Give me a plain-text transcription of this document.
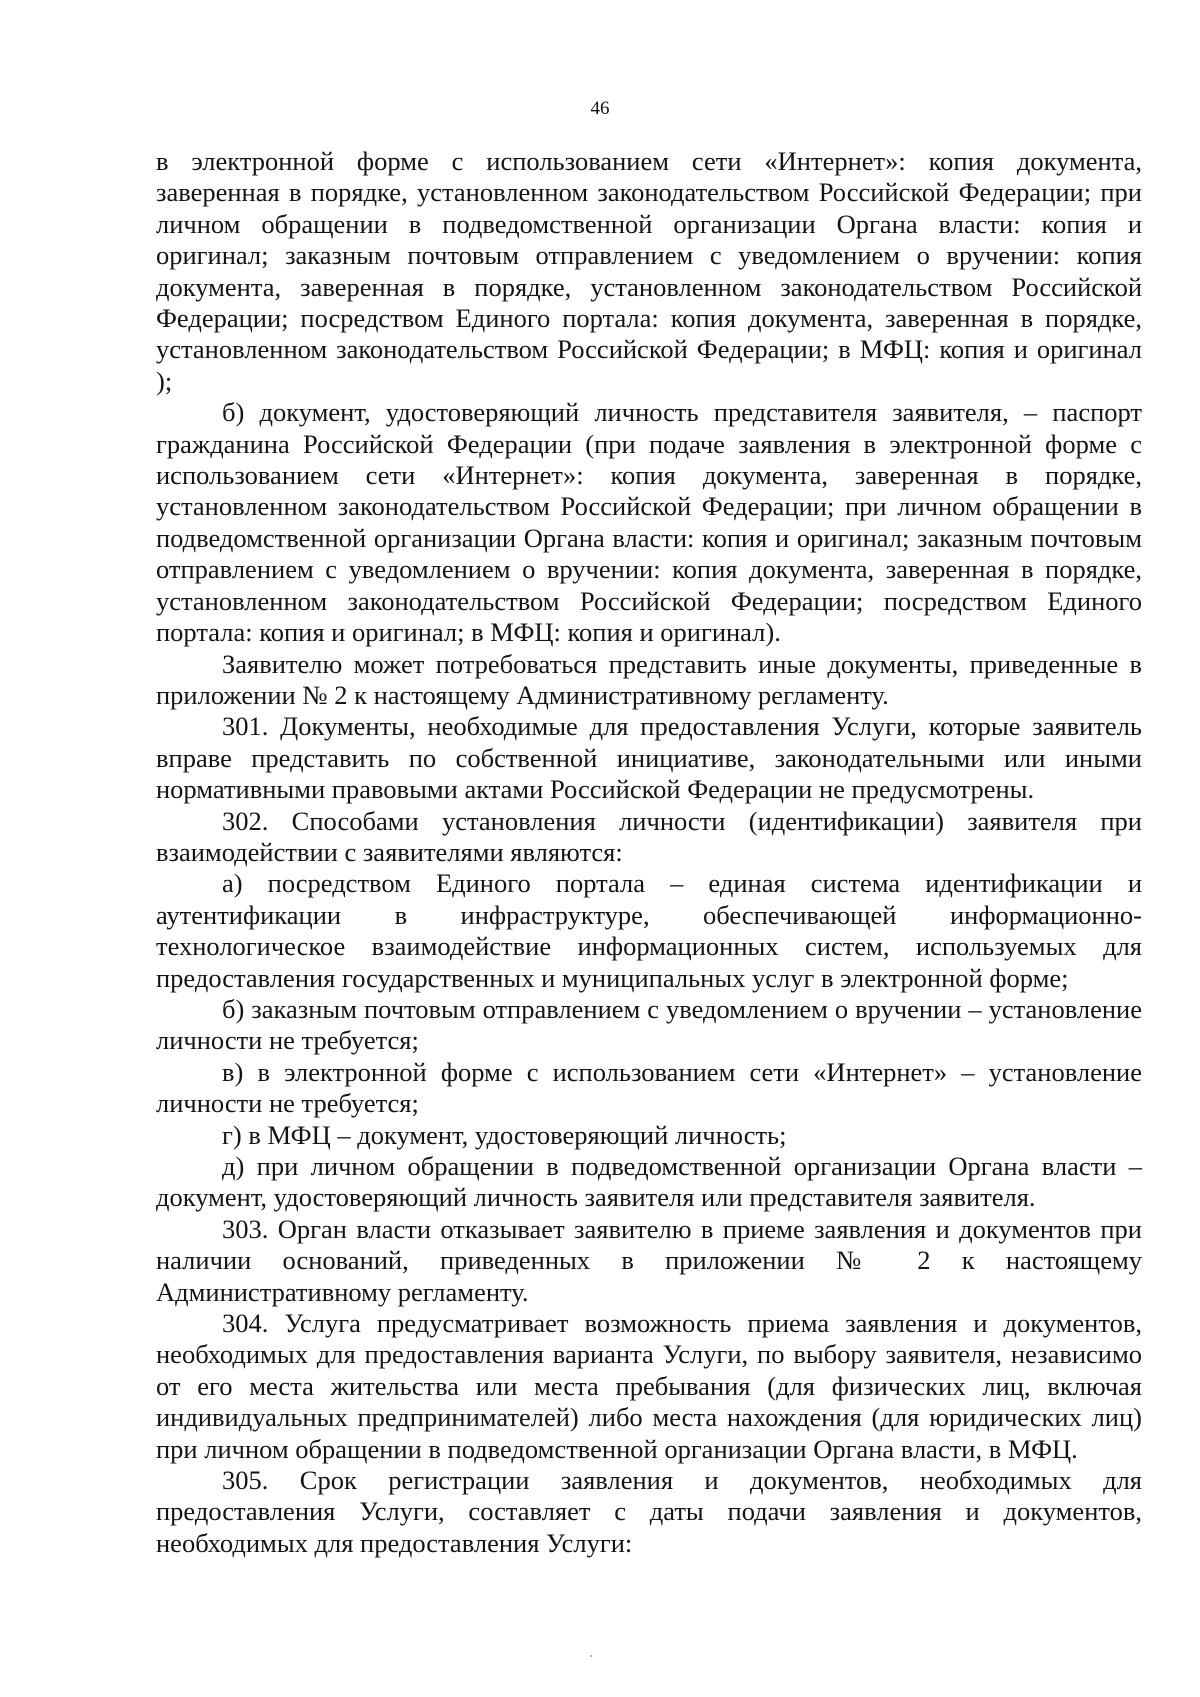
46

в электронной форме с использованием сети «Интернет»: копия документа, заверенная в порядке, установленном законодательством Российской Федерации; при личном обращении в подведомственной организации Органа власти: копия и оригинал; заказным почтовым отправлением с уведомлением о вручении: копия документа, заверенная в порядке, установленном законодательством Российской Федерации; посредством Единого портала: копия документа, заверенная в порядке, установленном законодательством Российской Федерации; в МФЦ: копия и оригинал );

б) документ, удостоверяющий личность представителя заявителя, – паспорт гражданина Российской Федерации (при подаче заявления в электронной форме с использованием сети «Интернет»: копия документа, заверенная в порядке, установленном законодательством Российской Федерации; при личном обращении в подведомственной организации Органа власти: копия и оригинал; заказным почтовым отправлением с уведомлением о вручении: копия документа, заверенная в порядке, установленном законодательством Российской Федерации; посредством Единого портала: копия и оригинал; в МФЦ: копия и оригинал).

Заявителю может потребоваться представить иные документы, приведенные в приложении № 2 к настоящему Административному регламенту.

301. Документы, необходимые для предоставления Услуги, которые заявитель вправе представить по собственной инициативе, законодательными или иными нормативными правовыми актами Российской Федерации не предусмотрены.

302. Способами установления личности (идентификации) заявителя при взаимодействии с заявителями являются:

а) посредством Единого портала – единая система идентификации и аутентификации в инфраструктуре, обеспечивающей информационно-технологическое взаимодействие информационных систем, используемых для предоставления государственных и муниципальных услуг в электронной форме;

б) заказным почтовым отправлением с уведомлением о вручении – установление личности не требуется;

в) в электронной форме с использованием сети «Интернет» – установление личности не требуется;

г) в МФЦ – документ, удостоверяющий личность;

д) при личном обращении в подведомственной организации Органа власти – документ, удостоверяющий личность заявителя или представителя заявителя.

303. Орган власти отказывает заявителю в приеме заявления и документов при наличии оснований, приведенных в приложении № 2 к настоящему Административному регламенту.

304. Услуга предусматривает возможность приема заявления и документов, необходимых для предоставления варианта Услуги, по выбору заявителя, независимо от его места жительства или места пребывания (для физических лиц, включая индивидуальных предпринимателей) либо места нахождения (для юридических лиц) при личном обращении в подведомственной организации Органа власти, в МФЦ.

305. Срок регистрации заявления и документов, необходимых для предоставления Услуги, составляет с даты подачи заявления и документов, необходимых для предоставления Услуги:
